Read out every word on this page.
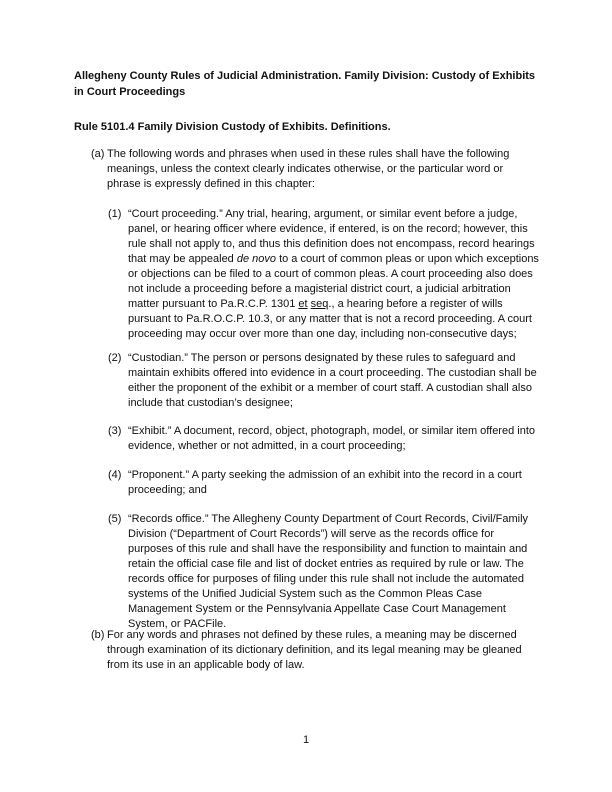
Allegheny County Rules of Judicial Administration. Family Division: Custody of Exhibits in Court Proceedings
Rule 5101.4 Family Division Custody of Exhibits. Definitions.
(a) The following words and phrases when used in these rules shall have the following meanings, unless the context clearly indicates otherwise, or the particular word or phrase is expressly defined in this chapter:
(1) “Court proceeding.” Any trial, hearing, argument, or similar event before a judge, panel, or hearing officer where evidence, if entered, is on the record; however, this rule shall not apply to, and thus this definition does not encompass, record hearings that may be appealed de novo to a court of common pleas or upon which exceptions or objections can be filed to a court of common pleas. A court proceeding also does not include a proceeding before a magisterial district court, a judicial arbitration matter pursuant to Pa.R.C.P. 1301 et seq., a hearing before a register of wills pursuant to Pa.R.O.C.P. 10.3, or any matter that is not a record proceeding. A court proceeding may occur over more than one day, including non-consecutive days;
(2) “Custodian.” The person or persons designated by these rules to safeguard and maintain exhibits offered into evidence in a court proceeding. The custodian shall be either the proponent of the exhibit or a member of court staff. A custodian shall also include that custodian’s designee;
(3) “Exhibit.” A document, record, object, photograph, model, or similar item offered into evidence, whether or not admitted, in a court proceeding;
(4) “Proponent.” A party seeking the admission of an exhibit into the record in a court proceeding; and
(5) “Records office.” The Allegheny County Department of Court Records, Civil/Family Division (“Department of Court Records”) will serve as the records office for purposes of this rule and shall have the responsibility and function to maintain and retain the official case file and list of docket entries as required by rule or law. The records office for purposes of filing under this rule shall not include the automated systems of the Unified Judicial System such as the Common Pleas Case Management System or the Pennsylvania Appellate Case Court Management System, or PACFile.
(b) For any words and phrases not defined by these rules, a meaning may be discerned through examination of its dictionary definition, and its legal meaning may be gleaned from its use in an applicable body of law.
1
